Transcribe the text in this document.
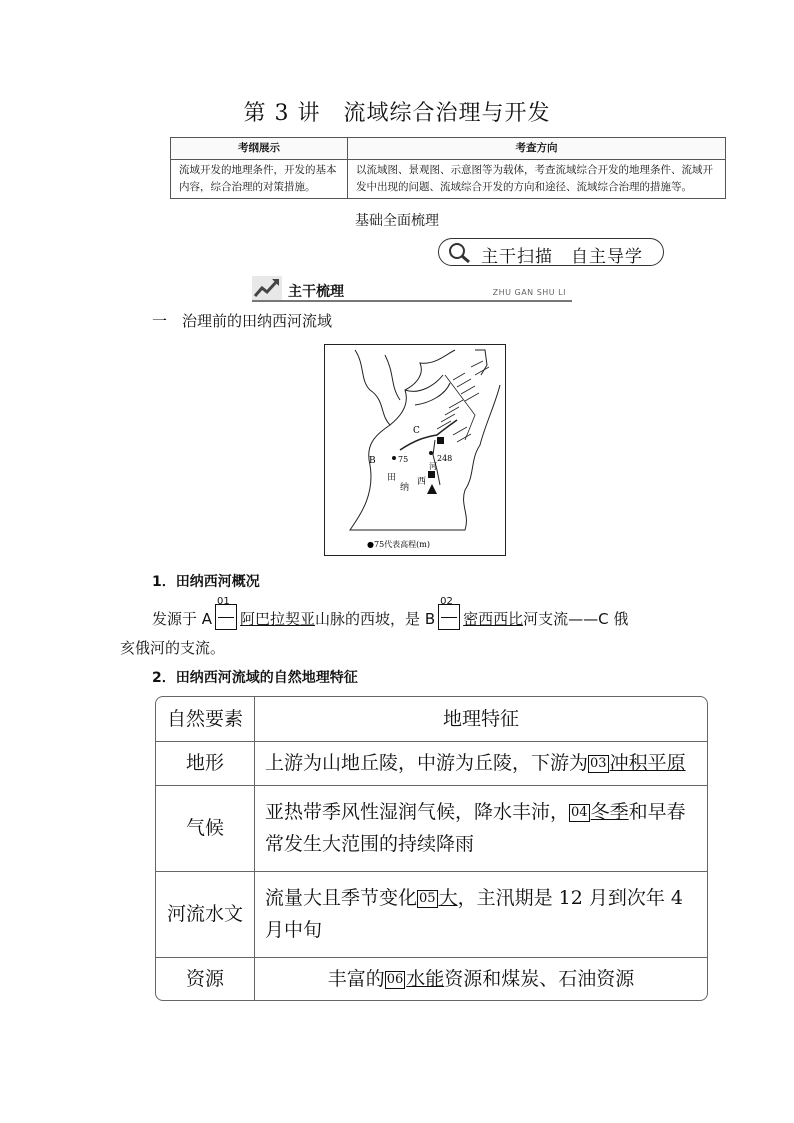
第 3 讲　流域综合治理与开发
考纲展示	考查方向
流域开发的地理条件，开发的基本内容，综合治理的对策措施。	以流域图、景观图、示意图等为载体，考查流域综合开发的地理条件、流域开发中出现的问题、流域综合开发的方向和途径、流域综合治理的措施等。
基础全面梳理
主干扫描　自主导学
主干梳理	ZHU GAN SHU LI
一　治理前的田纳西河流域
C
B	75	248
河
田
纳
西
●75代表高程(m)
1．田纳西河概况
发源于 A
01
阿巴拉契亚山脉的西坡，是 B
02
密西西比河支流——C 俄
亥俄河的支流。
2．田纳西河流域的自然地理特征
自然要素	地理特征
地形	上游为山地丘陵，中游为丘陵，下游为 03 冲积平原
气候	亚热带季风性湿润气候，降水丰沛， 04 冬季和早春常发生大范围的持续降雨
河流水文	流量大且季节变化 05 大，主汛期是 12 月到次年 4 月中旬
资源	丰富的 06 水能资源和煤炭、石油资源
